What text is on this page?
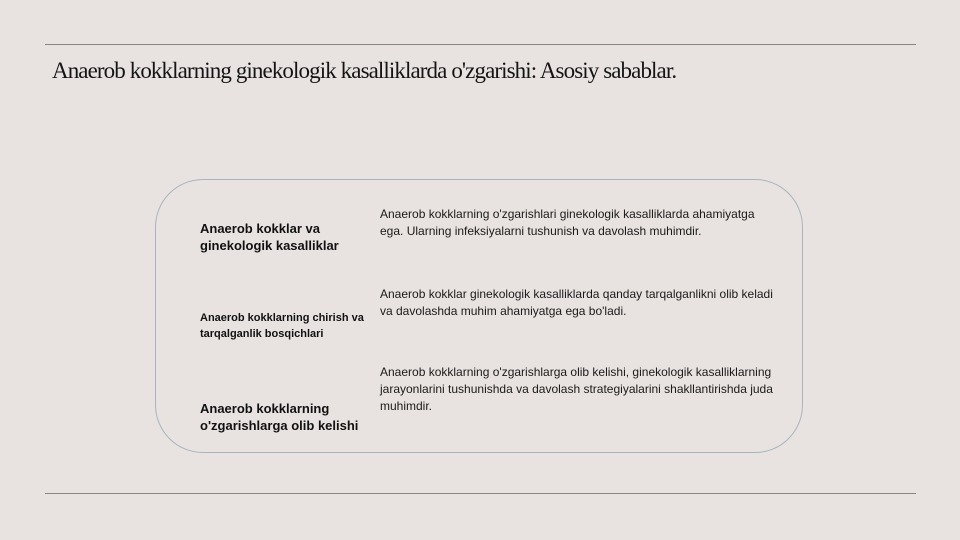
Anaerob kokklarning ginekologik kasalliklarda o'zgarishi: Asosiy sabablar.
Anaerob kokklar va ginekologik kasalliklar
Anaerob kokklarning o'zgarishlari ginekologik kasalliklarda ahamiyatga ega. Ularning infeksiyalarni tushunish va davolash muhimdir.
Anaerob kokklarning chirish va tarqalganlik bosqichlari
Anaerob kokklar ginekologik kasalliklarda qanday tarqalganlikni olib keladi va davolashda muhim ahamiyatga ega bo'ladi.
Anaerob kokklarning o'zgarishlarga olib kelishi
Anaerob kokklarning o'zgarishlarga olib kelishi, ginekologik kasalliklarning jarayonlarini tushunishda va davolash strategiyalarini shakllantirishda juda muhimdir.
